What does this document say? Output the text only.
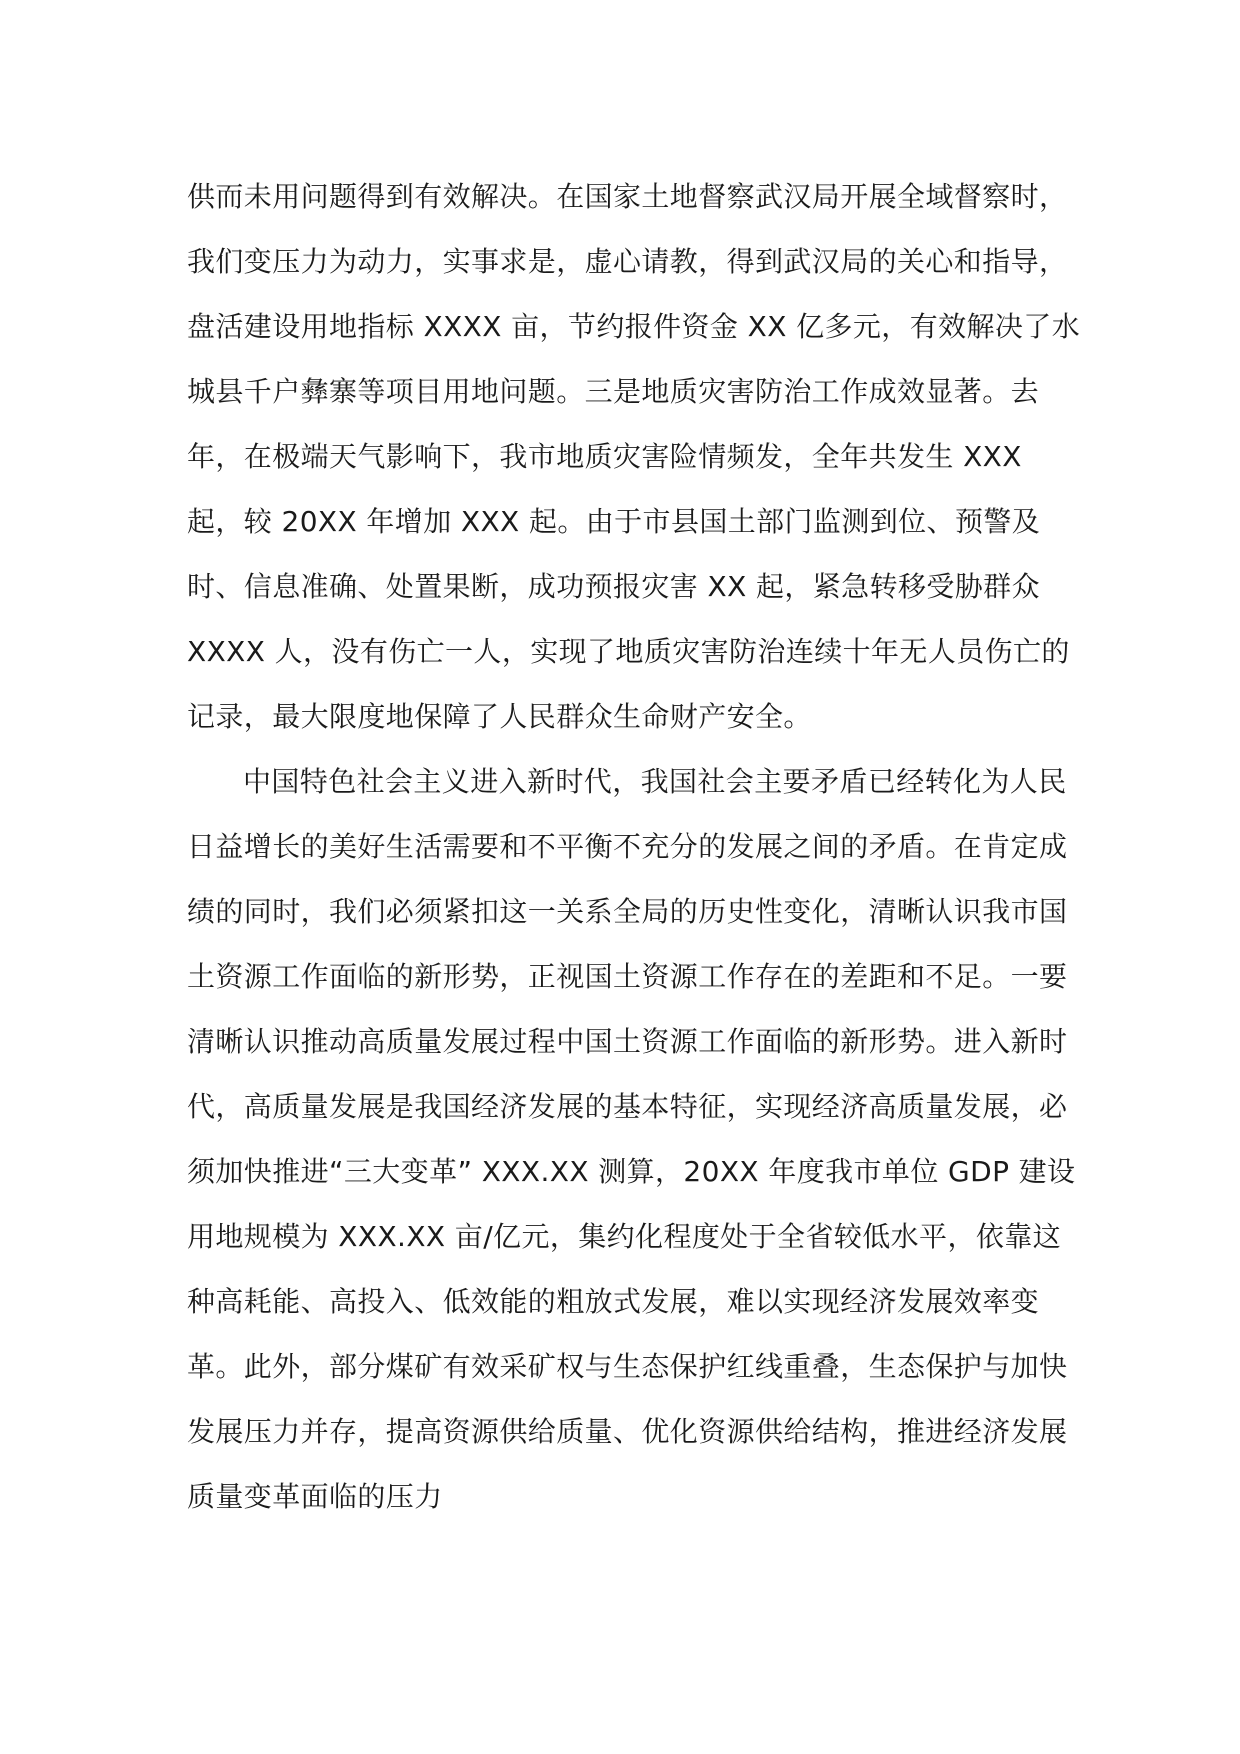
供而未用问题得到有效解决。在国家土地督察武汉局开展全域督察时，我们变压力为动力，实事求是，虚心请教，得到武汉局的关心和指导，盘活建设用地指标 XXXX 亩，节约报件资金 XX 亿多元，有效解决了水城县千户彝寨等项目用地问题。三是地质灾害防治工作成效显著。去年，在极端天气影响下，我市地质灾害险情频发，全年共发生 XXX 起，较 20XX 年增加 XXX 起。由于市县国土部门监测到位、预警及时、信息准确、处置果断，成功预报灾害 XX 起，紧急转移受胁群众 XXXX 人，没有伤亡一人，实现了地质灾害防治连续十年无人员伤亡的记录，最大限度地保障了人民群众生命财产安全。

中国特色社会主义进入新时代，我国社会主要矛盾已经转化为人民日益增长的美好生活需要和不平衡不充分的发展之间的矛盾。在肯定成绩的同时，我们必须紧扣这一关系全局的历史性变化，清晰认识我市国土资源工作面临的新形势，正视国土资源工作存在的差距和不足。一要清晰认识推动高质量发展过程中国土资源工作面临的新形势。进入新时代，高质量发展是我国经济发展的基本特征，实现经济高质量发展，必须加快推进“三大变革” XXX.XX 测算，20XX 年度我市单位 GDP 建设用地规模为 XXX.XX 亩/亿元，集约化程度处于全省较低水平，依靠这种高耗能、高投入、低效能的粗放式发展，难以实现经济发展效率变革。此外，部分煤矿有效采矿权与生态保护红线重叠，生态保护与加快发展压力并存，提高资源供给质量、优化资源供给结构，推进经济发展质量变革面临的压力
